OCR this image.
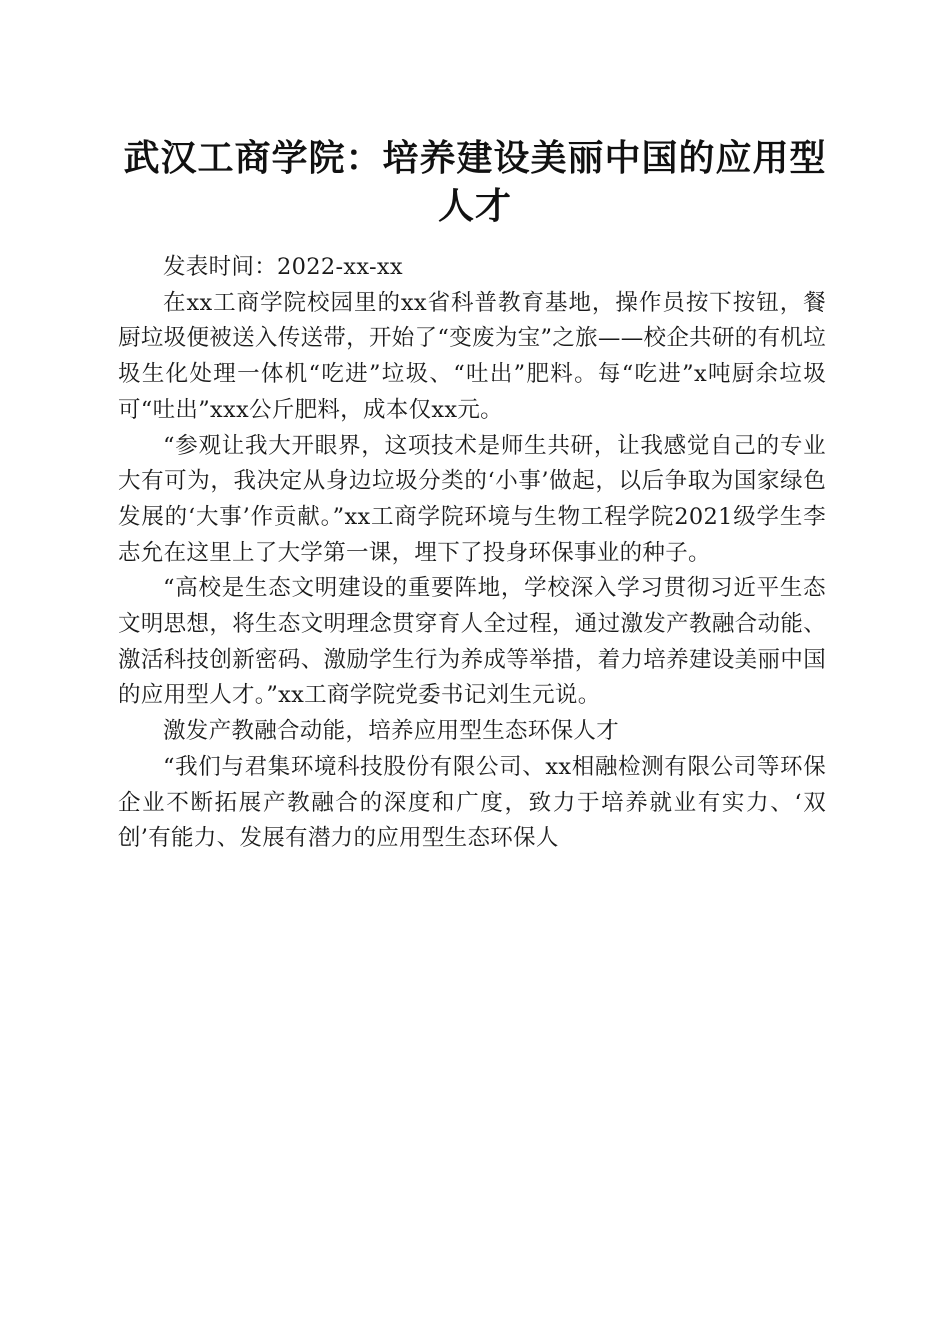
武汉工商学院：培养建设美丽中国的应用型人才

发表时间：2022-xx-xx

在xx工商学院校园里的xx省科普教育基地，操作员按下按钮，餐厨垃圾便被送入传送带，开始了“变废为宝”之旅——校企共研的有机垃圾生化处理一体机“吃进”垃圾、“吐出”肥料。每“吃进”x吨厨余垃圾可“吐出”xxx公斤肥料，成本仅xx元。

“参观让我大开眼界，这项技术是师生共研，让我感觉自己的专业大有可为，我决定从身边垃圾分类的‘小事’做起，以后争取为国家绿色发展的‘大事’作贡献。”xx工商学院环境与生物工程学院2021级学生李志允在这里上了大学第一课，埋下了投身环保事业的种子。

“高校是生态文明建设的重要阵地，学校深入学习贯彻习近平生态文明思想，将生态文明理念贯穿育人全过程，通过激发产教融合动能、激活科技创新密码、激励学生行为养成等举措，着力培养建设美丽中国的应用型人才。”xx工商学院党委书记刘生元说。

激发产教融合动能，培养应用型生态环保人才

“我们与君集环境科技股份有限公司、xx相融检测有限公司等环保企业不断拓展产教融合的深度和广度，致力于培养就业有实力、‘双创’有能力、发展有潜力的应用型生态环保人
